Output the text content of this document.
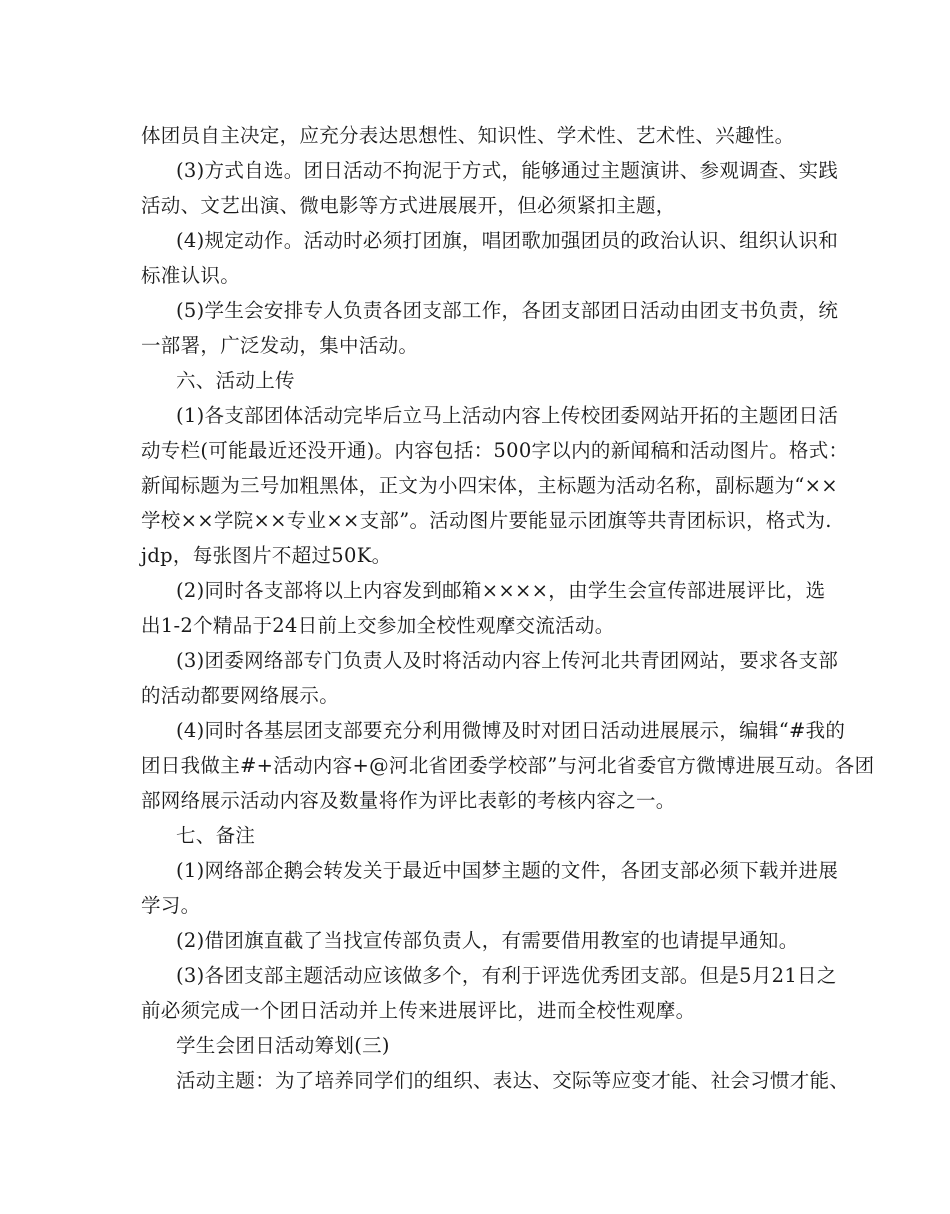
体团员自主决定，应充分表达思想性、知识性、学术性、艺术性、兴趣性。
(3)方式自选。团日活动不拘泥于方式，能够通过主题演讲、参观调查、实践
活动、文艺出演、微电影等方式进展展开，但必须紧扣主题，
(4)规定动作。活动时必须打团旗，唱团歌加强团员的政治认识、组织认识和
标准认识。
(5)学生会安排专人负责各团支部工作，各团支部团日活动由团支书负责，统
一部署，广泛发动，集中活动。
六、活动上传
(1)各支部团体活动完毕后立马上活动内容上传校团委网站开拓的主题团日活
动专栏(可能最近还没开通)。内容包括：500字以内的新闻稿和活动图片。格式：
新闻标题为三号加粗黑体，正文为小四宋体，主标题为活动名称，副标题为“××
学校××学院××专业××支部”。活动图片要能显示团旗等共青团标识，格式为.
jdp，每张图片不超过50K。
(2)同时各支部将以上内容发到邮箱××××，由学生会宣传部进展评比，选
出1-2个精品于24日前上交参加全校性观摩交流活动。
(3)团委网络部专门负责人及时将活动内容上传河北共青团网站，要求各支部
的活动都要网络展示。
(4)同时各基层团支部要充分利用微博及时对团日活动进展展示，编辑“#我的
团日我做主#+活动内容+@河北省团委学校部”与河北省委官方微博进展互动。各团
部网络展示活动内容及数量将作为评比表彰的考核内容之一。
七、备注
(1)网络部企鹅会转发关于最近中国梦主题的文件，各团支部必须下载并进展
学习。
(2)借团旗直截了当找宣传部负责人，有需要借用教室的也请提早通知。
(3)各团支部主题活动应该做多个，有利于评选优秀团支部。但是5月21日之
前必须完成一个团日活动并上传来进展评比，进而全校性观摩。
学生会团日活动筹划(三)
活动主题：为了培养同学们的组织、表达、交际等应变才能、社会习惯才能、
